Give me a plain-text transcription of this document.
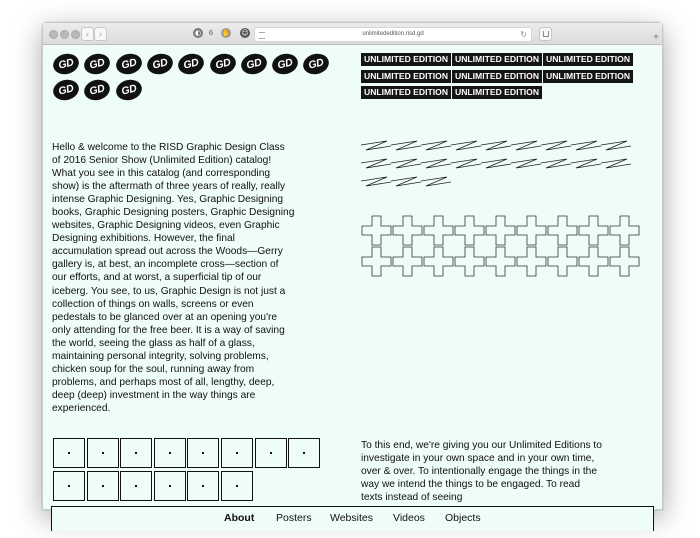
‹	›	◐	6	✋ ☺	unlimitededition.risd.gd	↻	+
GD	GD	GD	GD	GD	GD	GD	GD	GD
GD	GD	GD
Hello & welcome to the RISD Graphic Design Class of 2016 Senior Show (Unlimited Edition) catalog! What you see in this catalog (and corresponding show) is the aftermath of three years of really, really intense Graphic Designing. Yes, Graphic Designing books, Graphic Designing posters, Graphic Designing websites, Graphic Designing videos, even Graphic Designing exhibitions. However, the final accumulation spread out across the Woods—Gerry gallery is, at best, an incomplete cross—section of our efforts, and at worst, a superficial tip of our iceberg. You see, to us, Graphic Design is not just a collection of things on walls, screens or even pedestals to be glanced over at an opening you're only attending for the free beer. It is a way of saving the world, seeing the glass as half of a glass, maintaining personal integrity, solving problems, chicken soup for the soul, running away from problems, and perhaps most of all, lengthy, deep, deep (deep) investment in the way things are experienced.
UNLIMITED EDITION UNLIMITED EDITION UNLIMITED EDITION
UNLIMITED EDITION UNLIMITED EDITION UNLIMITED EDITION
UNLIMITED EDITION UNLIMITED EDITION
To this end, we're giving you our Unlimited Editions to investigate in your own space and in your own time, over & over. To intentionally engage the things in the way we intend the things to be engaged. To read texts instead of seeing
About Posters Websites Videos Objects
